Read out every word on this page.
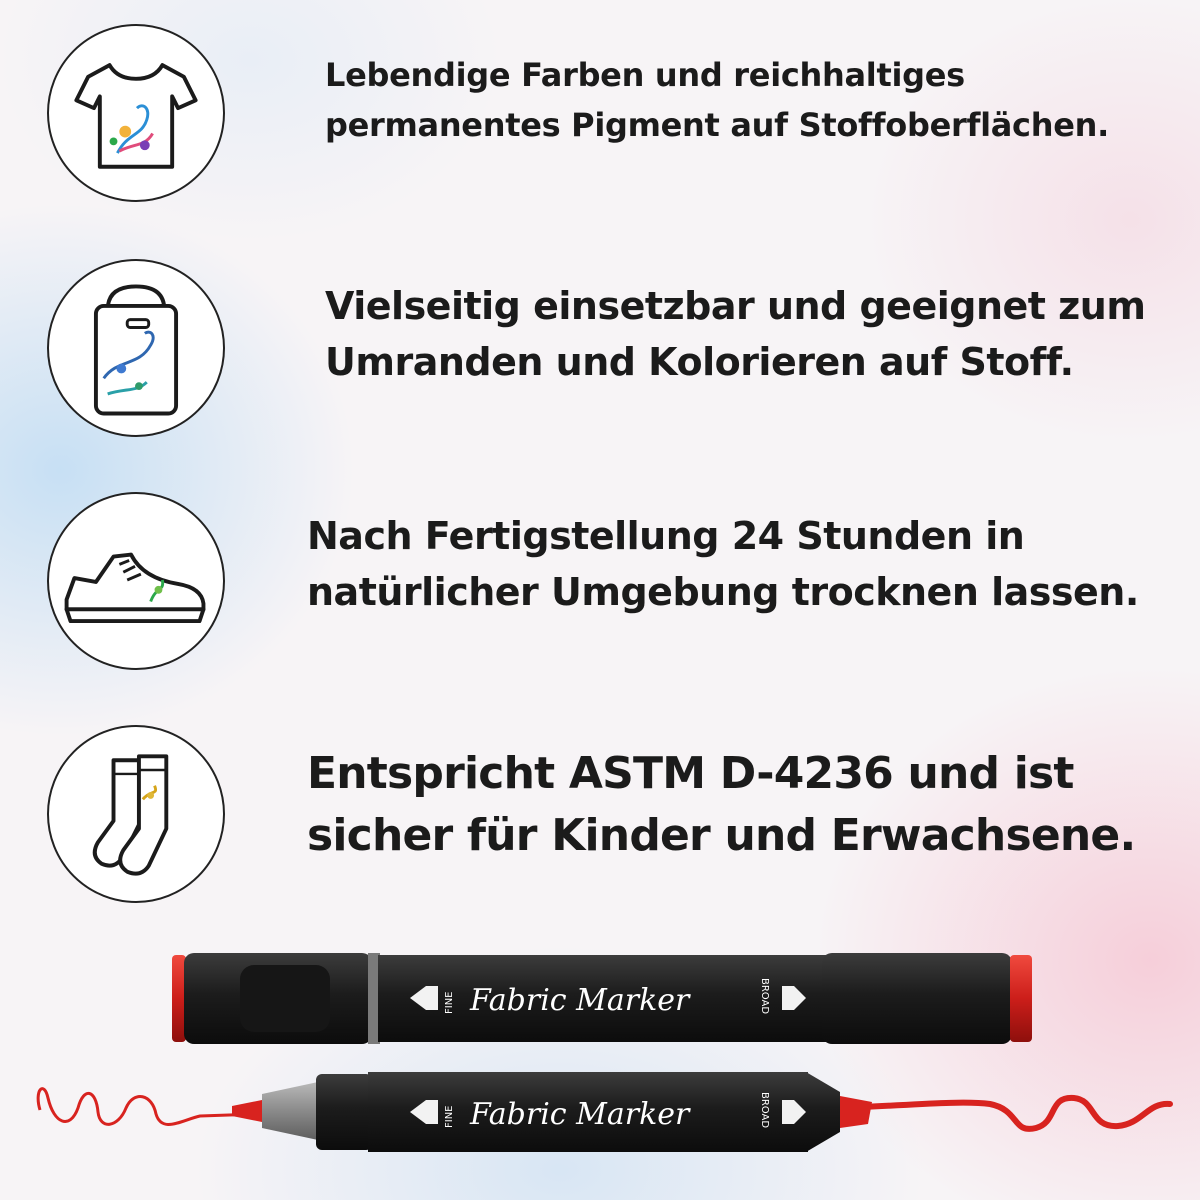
Lebendige Farben und reichhaltiges permanentes Pigment auf Stoffoberflächen.

Vielseitig einsetzbar und geeignet zum Umranden und Kolorieren auf Stoff.

Nach Fertigstellung 24 Stunden in natürlicher Umgebung trocknen lassen.

Entspricht ASTM D-4236 und ist sicher für Kinder und Erwachsene.

FINE Fabric Marker	BROAD
FINE Fabric Marker	BROAD
